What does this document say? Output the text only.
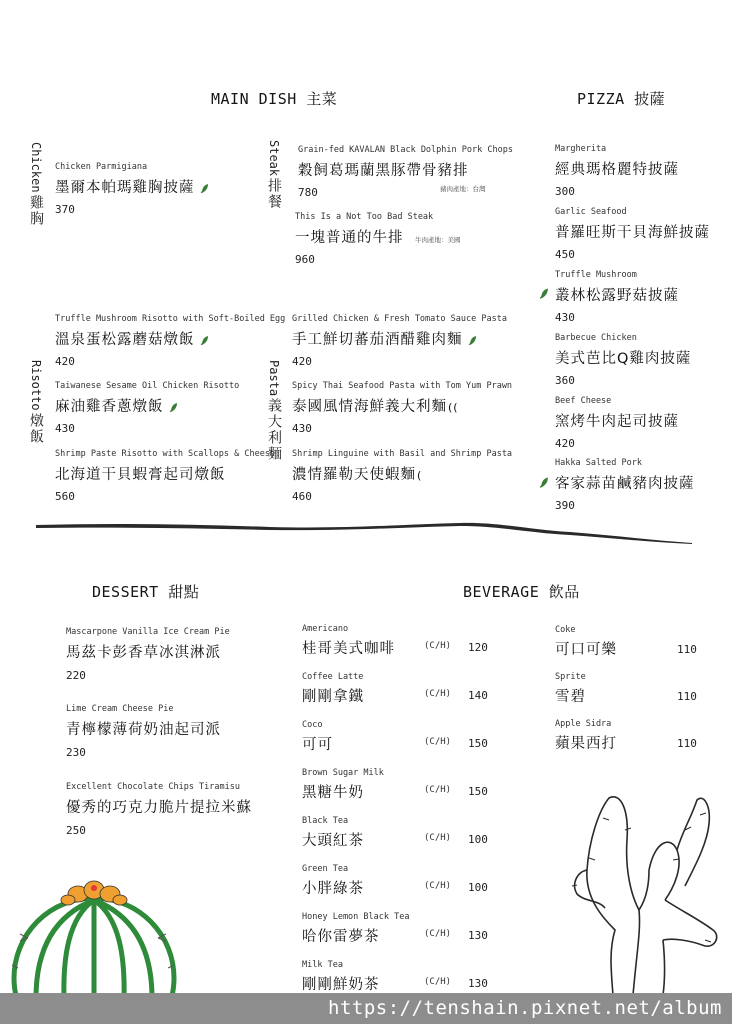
MAIN DISH 主菜	PIZZA 披薩
Chicken
雞胸
Chicken Parmigiana
墨爾本帕瑪雞胸披薩
370
Steak
排餐
Grain-fed KAVALAN Black Dolphin Pork Chops
穀飼葛瑪蘭黑豚帶骨豬排
780	豬肉產地：台灣
This Is a Not Too Bad Steak
一塊普通的牛排
960
牛肉產地：美國
Risotto
燉飯
Truffle Mushroom Risotto with Soft-Boiled Egg
溫泉蛋松露蘑菇燉飯
420
Taiwanese Sesame Oil Chicken Risotto
麻油雞香蔥燉飯
430
Shrimp Paste Risotto with Scallops & Cheese
北海道干貝蝦膏起司燉飯
560
Pasta
義大利麵
Grilled Chicken & Fresh Tomato Sauce Pasta
手工鮮切蕃茄酒醋雞肉麵
420
Spicy Thai Seafood Pasta with Tom Yum Prawn
泰國風情海鮮義大利麵((
430
Shrimp Linguine with Basil and Shrimp Pasta
濃情羅勒天使蝦麵(
460
Margherita
經典瑪格麗特披薩
300
Garlic Seafood
普羅旺斯干貝海鮮披薩
450
Truffle Mushroom
叢林松露野菇披薩
430
Barbecue Chicken
美式芭比Q雞肉披薩
360
Beef Cheese
窯烤牛肉起司披薩
420
Hakka Salted Pork
客家蒜苗鹹豬肉披薩
390
DESSERT 甜點
Mascarpone Vanilla Ice Cream Pie
馬茲卡彭香草冰淇淋派
220
Lime Cream Cheese Pie
青檸檬薄荷奶油起司派
230
Excellent Chocolate Chips Tiramisu
優秀的巧克力脆片提拉米蘇
250
BEVERAGE 飲品
Americano
桂哥美式咖啡	(C/H) 120
Coffee Latte
剛剛拿鐵	(C/H) 140
Coco
可可	(C/H) 150
Brown Sugar Milk
黑糖牛奶	(C/H) 150
Black Tea
大頭紅茶	(C/H) 100
Green Tea
小胖綠茶	(C/H) 100
Honey Lemon Black Tea
哈你雷夢茶	(C/H) 130
Milk Tea
剛剛鮮奶茶	(C/H) 130
Coke
可口可樂	110
Sprite
雪碧	110
Apple Sidra
蘋果西打	110
https://tenshain.pixnet.net/album
